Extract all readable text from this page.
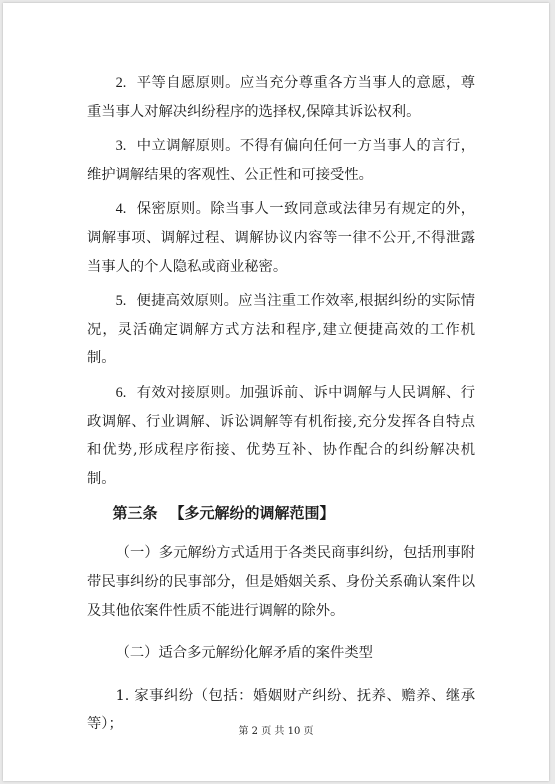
2. 平等自愿原则。应当充分尊重各方当事人的意愿，尊重当事人对解决纠纷程序的选择权,保障其诉讼权利。

3. 中立调解原则。不得有偏向任何一方当事人的言行，维护调解结果的客观性、公正性和可接受性。

4. 保密原则。除当事人一致同意或法律另有规定的外，调解事项、调解过程、调解协议内容等一律不公开,不得泄露当事人的个人隐私或商业秘密。

5. 便捷高效原则。应当注重工作效率,根据纠纷的实际情况，灵活确定调解方式方法和程序,建立便捷高效的工作机制。

6. 有效对接原则。加强诉前、诉中调解与人民调解、行政调解、行业调解、诉讼调解等有机衔接,充分发挥各自特点和优势,形成程序衔接、优势互补、协作配合的纠纷解决机制。

第三条 【多元解纷的调解范围】

（一）多元解纷方式适用于各类民商事纠纷，包括刑事附带民事纠纷的民事部分，但是婚姻关系、身份关系确认案件以及其他依案件性质不能进行调解的除外。

（二）适合多元解纷化解矛盾的案件类型

1. 家事纠纷（包括：婚姻财产纠纷、抚养、赡养、继承等）；	第 2 页 共 10 页
